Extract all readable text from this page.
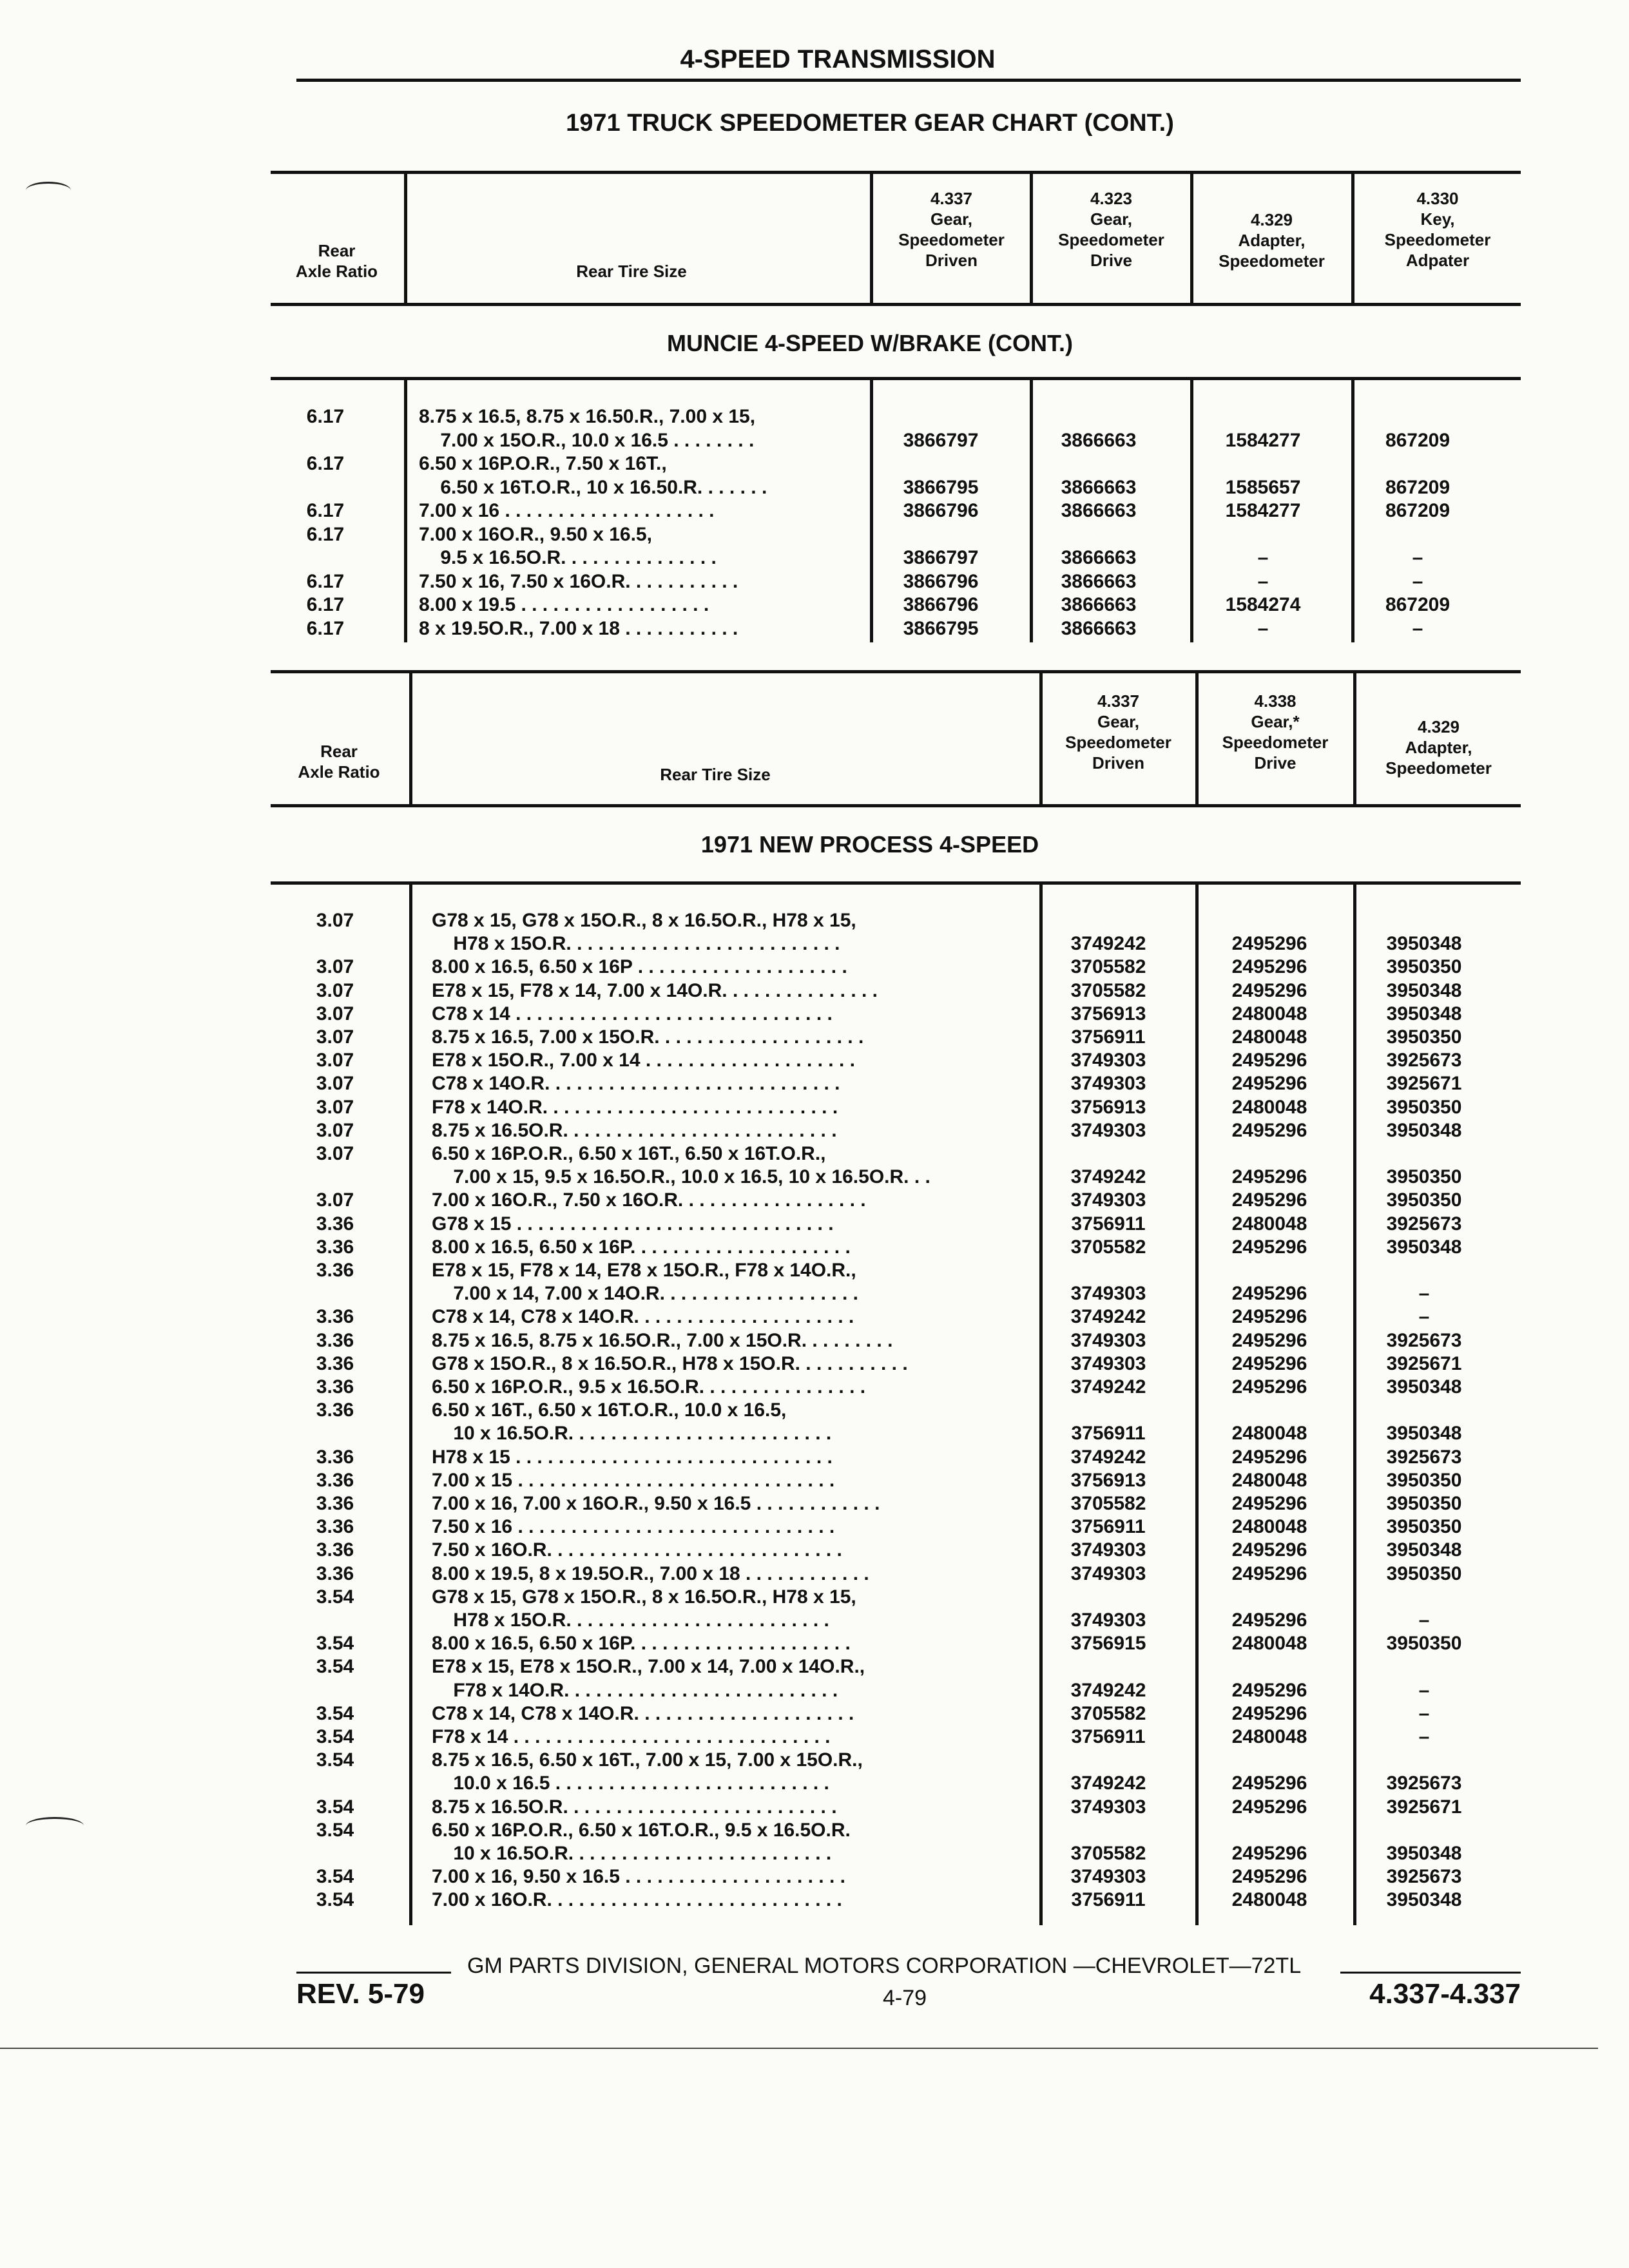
4-SPEED TRANSMISSION
1971 TRUCK SPEEDOMETER GEAR CHART (CONT.)
Rear
Axle Ratio	Rear Tire Size
4.337
Gear,
Speedometer
Driven
4.323
Gear,
Speedometer
Drive
4.329
Adapter,
Speedometer
4.330
Key,
Speedometer
Adpater
MUNCIE 4-SPEED W/BRAKE (CONT.)
6.17	8.75 x 16.5, 8.75 x 16.50.R., 7.00 x 15,
7.00 x 15O.R., 10.0 x 16.5 . . . . . . . .	3866797	3866663	1584277	867209
6.17	6.50 x 16P.O.R., 7.50 x 16T.,
6.50 x 16T.O.R., 10 x 16.50.R. . . . . . .	3866795	3866663	1585657	867209
6.17	7.00 x 16 . . . . . . . . . . . . . . . . . . . .	3866796	3866663	1584277	867209
6.17	7.00 x 16O.R., 9.50 x 16.5,
9.5 x 16.5O.R. . . . . . . . . . . . . . .	3866797	3866663	–	–
6.17	7.50 x 16, 7.50 x 16O.R. . . . . . . . . . .	3866796	3866663	–	–
6.17	8.00 x 19.5 . . . . . . . . . . . . . . . . . .	3866796	3866663	1584274	867209
6.17	8 x 19.5O.R., 7.00 x 18 . . . . . . . . . . .	3866795	3866663	–	–
Rear
Axle Ratio	Rear Tire Size
4.337
Gear,
Speedometer
Driven
4.338
Gear,*
Speedometer
Drive
4.329
Adapter,
Speedometer
1971 NEW PROCESS 4-SPEED
3.07	G78 x 15, G78 x 15O.R., 8 x 16.5O.R., H78 x 15,
H78 x 15O.R. . . . . . . . . . . . . . . . . . . . . . . . . .	3749242	2495296	3950348
3.07	8.00 x 16.5, 6.50 x 16P . . . . . . . . . . . . . . . . . . . .	3705582	2495296	3950350
3.07	E78 x 15, F78 x 14, 7.00 x 14O.R. . . . . . . . . . . . . . .	3705582	2495296	3950348
3.07	C78 x 14 . . . . . . . . . . . . . . . . . . . . . . . . . . . . . .	3756913	2480048	3950348
3.07	8.75 x 16.5, 7.00 x 15O.R. . . . . . . . . . . . . . . . . . . .	3756911	2480048	3950350
3.07	E78 x 15O.R., 7.00 x 14 . . . . . . . . . . . . . . . . . . . .	3749303	2495296	3925673
3.07	C78 x 14O.R. . . . . . . . . . . . . . . . . . . . . . . . . . . .	3749303	2495296	3925671
3.07	F78 x 14O.R. . . . . . . . . . . . . . . . . . . . . . . . . . . .	3756913	2480048	3950350
3.07	8.75 x 16.5O.R. . . . . . . . . . . . . . . . . . . . . . . . . .	3749303	2495296	3950348
3.07	6.50 x 16P.O.R., 6.50 x 16T., 6.50 x 16T.O.R.,
7.00 x 15, 9.5 x 16.5O.R., 10.0 x 16.5, 10 x 16.5O.R. . .	3749242	2495296	3950350
3.07	7.00 x 16O.R., 7.50 x 16O.R. . . . . . . . . . . . . . . . . .	3749303	2495296	3950350
3.36	G78 x 15 . . . . . . . . . . . . . . . . . . . . . . . . . . . . . .	3756911	2480048	3925673
3.36	8.00 x 16.5, 6.50 x 16P. . . . . . . . . . . . . . . . . . . . .	3705582	2495296	3950348
3.36	E78 x 15, F78 x 14, E78 x 15O.R., F78 x 14O.R.,
7.00 x 14, 7.00 x 14O.R. . . . . . . . . . . . . . . . . . .	3749303	2495296	–
3.36	C78 x 14, C78 x 14O.R. . . . . . . . . . . . . . . . . . . . .	3749242	2495296	–
3.36	8.75 x 16.5, 8.75 x 16.5O.R., 7.00 x 15O.R. . . . . . . . .	3749303	2495296	3925673
3.36	G78 x 15O.R., 8 x 16.5O.R., H78 x 15O.R. . . . . . . . . . .	3749303	2495296	3925671
3.36	6.50 x 16P.O.R., 9.5 x 16.5O.R. . . . . . . . . . . . . . . .	3749242	2495296	3950348
3.36	6.50 x 16T., 6.50 x 16T.O.R., 10.0 x 16.5,
10 x 16.5O.R. . . . . . . . . . . . . . . . . . . . . . . . .	3756911	2480048	3950348
3.36	H78 x 15 . . . . . . . . . . . . . . . . . . . . . . . . . . . . . .	3749242	2495296	3925673
3.36	7.00 x 15 . . . . . . . . . . . . . . . . . . . . . . . . . . . . . .	3756913	2480048	3950350
3.36	7.00 x 16, 7.00 x 16O.R., 9.50 x 16.5 . . . . . . . . . . . .	3705582	2495296	3950350
3.36	7.50 x 16 . . . . . . . . . . . . . . . . . . . . . . . . . . . . . .	3756911	2480048	3950350
3.36	7.50 x 16O.R. . . . . . . . . . . . . . . . . . . . . . . . . . . .	3749303	2495296	3950348
3.36	8.00 x 19.5, 8 x 19.5O.R., 7.00 x 18 . . . . . . . . . . . .	3749303	2495296	3950350
3.54	G78 x 15, G78 x 15O.R., 8 x 16.5O.R., H78 x 15,
H78 x 15O.R. . . . . . . . . . . . . . . . . . . . . . . . .	3749303	2495296	–
3.54	8.00 x 16.5, 6.50 x 16P. . . . . . . . . . . . . . . . . . . . .	3756915	2480048	3950350
3.54	E78 x 15, E78 x 15O.R., 7.00 x 14, 7.00 x 14O.R.,
F78 x 14O.R. . . . . . . . . . . . . . . . . . . . . . . . . .	3749242	2495296	–
3.54	C78 x 14, C78 x 14O.R. . . . . . . . . . . . . . . . . . . . .	3705582	2495296	–
3.54	F78 x 14 . . . . . . . . . . . . . . . . . . . . . . . . . . . . . .	3756911	2480048	–
3.54	8.75 x 16.5, 6.50 x 16T., 7.00 x 15, 7.00 x 15O.R.,
10.0 x 16.5 . . . . . . . . . . . . . . . . . . . . . . . . . .	3749242	2495296	3925673
3.54	8.75 x 16.5O.R. . . . . . . . . . . . . . . . . . . . . . . . . .	3749303	2495296	3925671
3.54	6.50 x 16P.O.R., 6.50 x 16T.O.R., 9.5 x 16.5O.R.
10 x 16.5O.R. . . . . . . . . . . . . . . . . . . . . . . . .	3705582	2495296	3950348
3.54	7.00 x 16, 9.50 x 16.5 . . . . . . . . . . . . . . . . . . . . .	3749303	2495296	3925673
3.54	7.00 x 16O.R. . . . . . . . . . . . . . . . . . . . . . . . . . . .	3756911	2480048	3950348
GM PARTS DIVISION, GENERAL MOTORS CORPORATION —CHEVROLET—72TL
REV. 5-79	4-79	4.337-4.337
